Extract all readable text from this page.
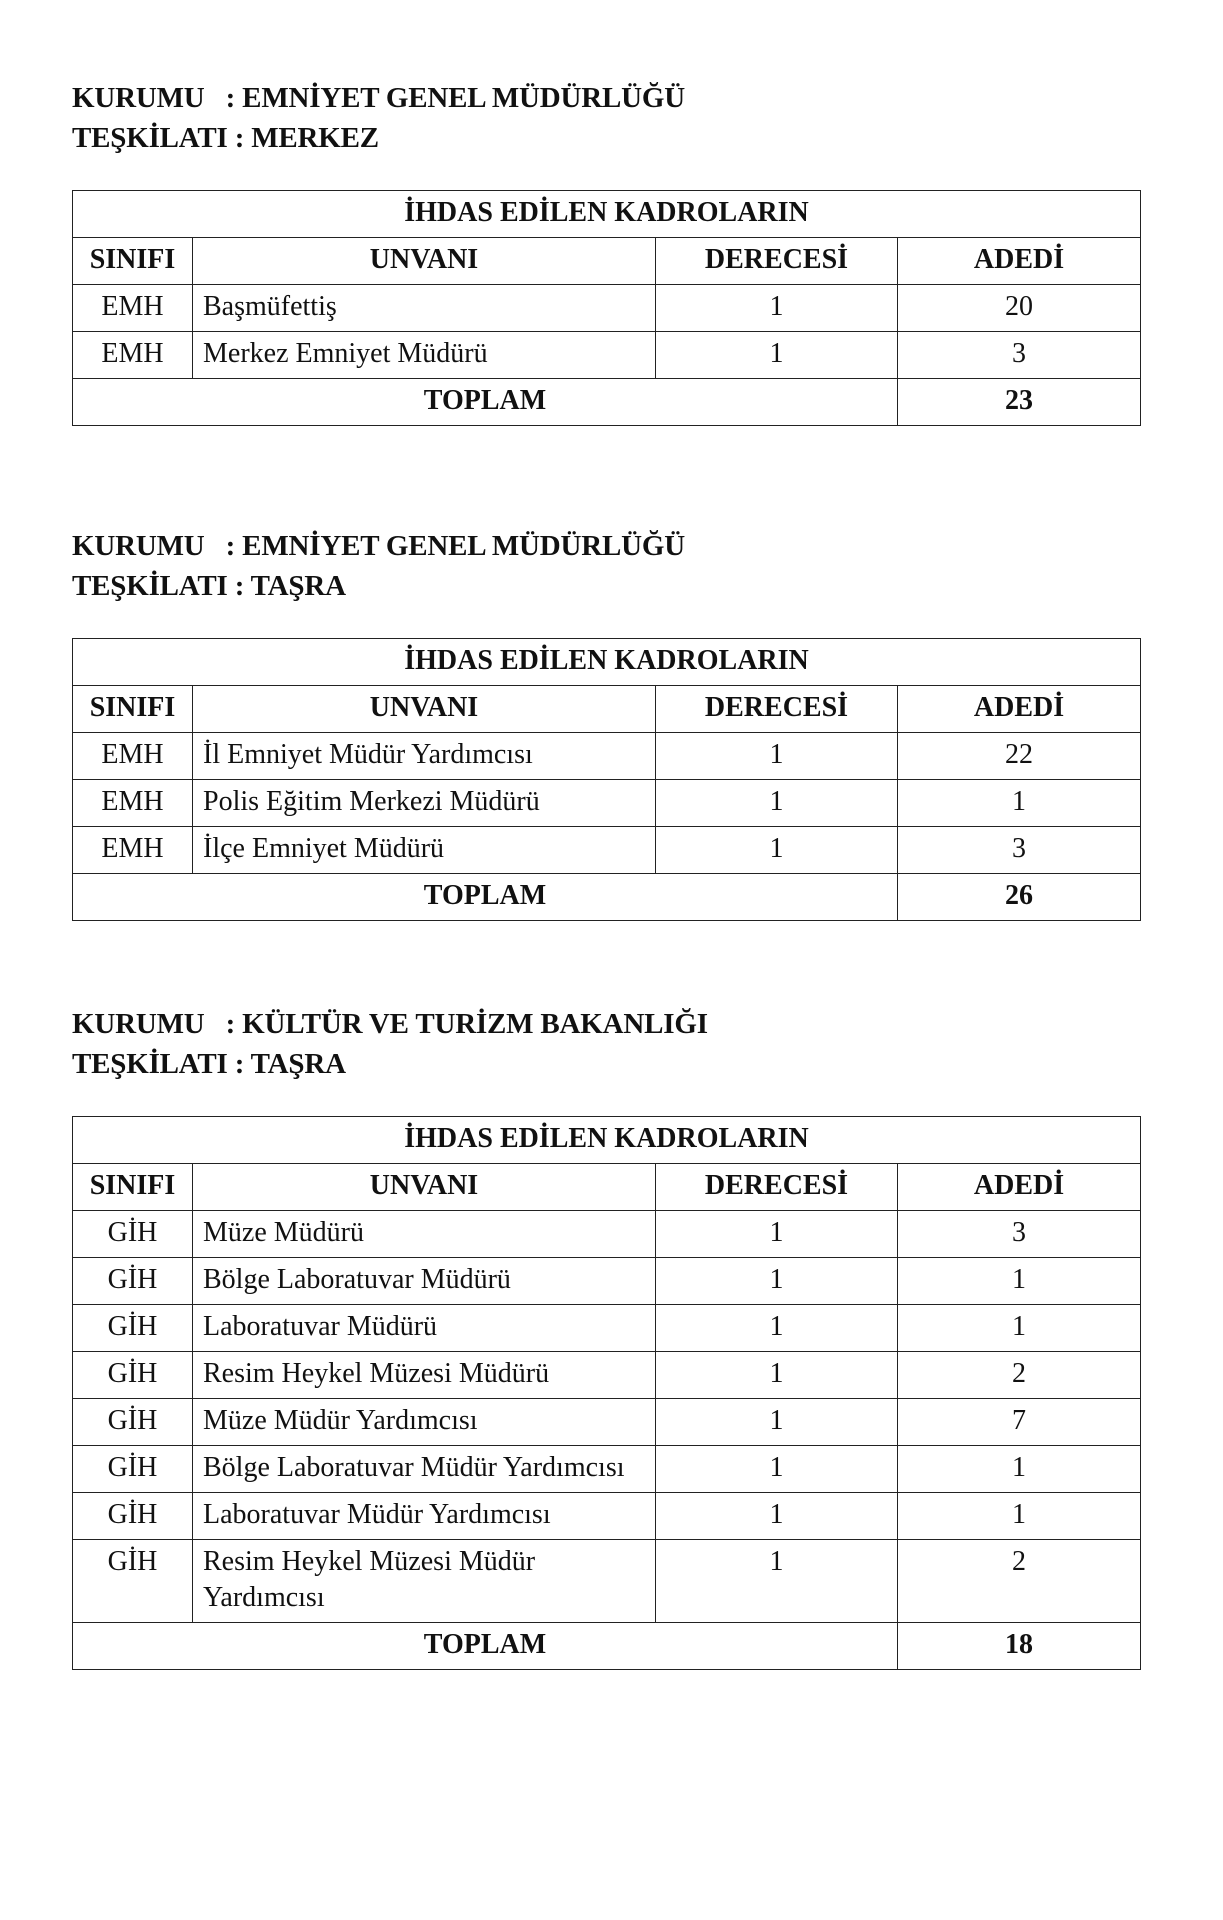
KURUMU : EMNİYET GENEL MÜDÜRLÜĞÜ
TEŞKİLATI : MERKEZ
İHDAS EDİLEN KADROLARIN			
SINIFI	UNVANI	DERECESİ	ADEDİ
EMH	Başmüfettiş	1	20
EMH	Merkez Emniyet Müdürü	1	3
TOPLAM			23
KURUMU : EMNİYET GENEL MÜDÜRLÜĞÜ
TEŞKİLATI : TAŞRA
İHDAS EDİLEN KADROLARIN			
SINIFI	UNVANI	DERECESİ	ADEDİ
EMH	İl Emniyet Müdür Yardımcısı	1	22
EMH	Polis Eğitim Merkezi Müdürü	1	1
EMH	İlçe Emniyet Müdürü	1	3
TOPLAM			26
KURUMU : KÜLTÜR VE TURİZM BAKANLIĞI
TEŞKİLATI : TAŞRA
İHDAS EDİLEN KADROLARIN			
SINIFI	UNVANI	DERECESİ	ADEDİ
GİH	Müze Müdürü	1	3
GİH	Bölge Laboratuvar Müdürü	1	1
GİH	Laboratuvar Müdürü	1	1
GİH	Resim Heykel Müzesi Müdürü	1	2
GİH	Müze Müdür Yardımcısı	1	7
GİH	Bölge Laboratuvar Müdür Yardımcısı	1	1
GİH	Laboratuvar Müdür Yardımcısı	1	1
GİH	Resim Heykel Müzesi Müdür Yardımcısı	1	2
TOPLAM			18
